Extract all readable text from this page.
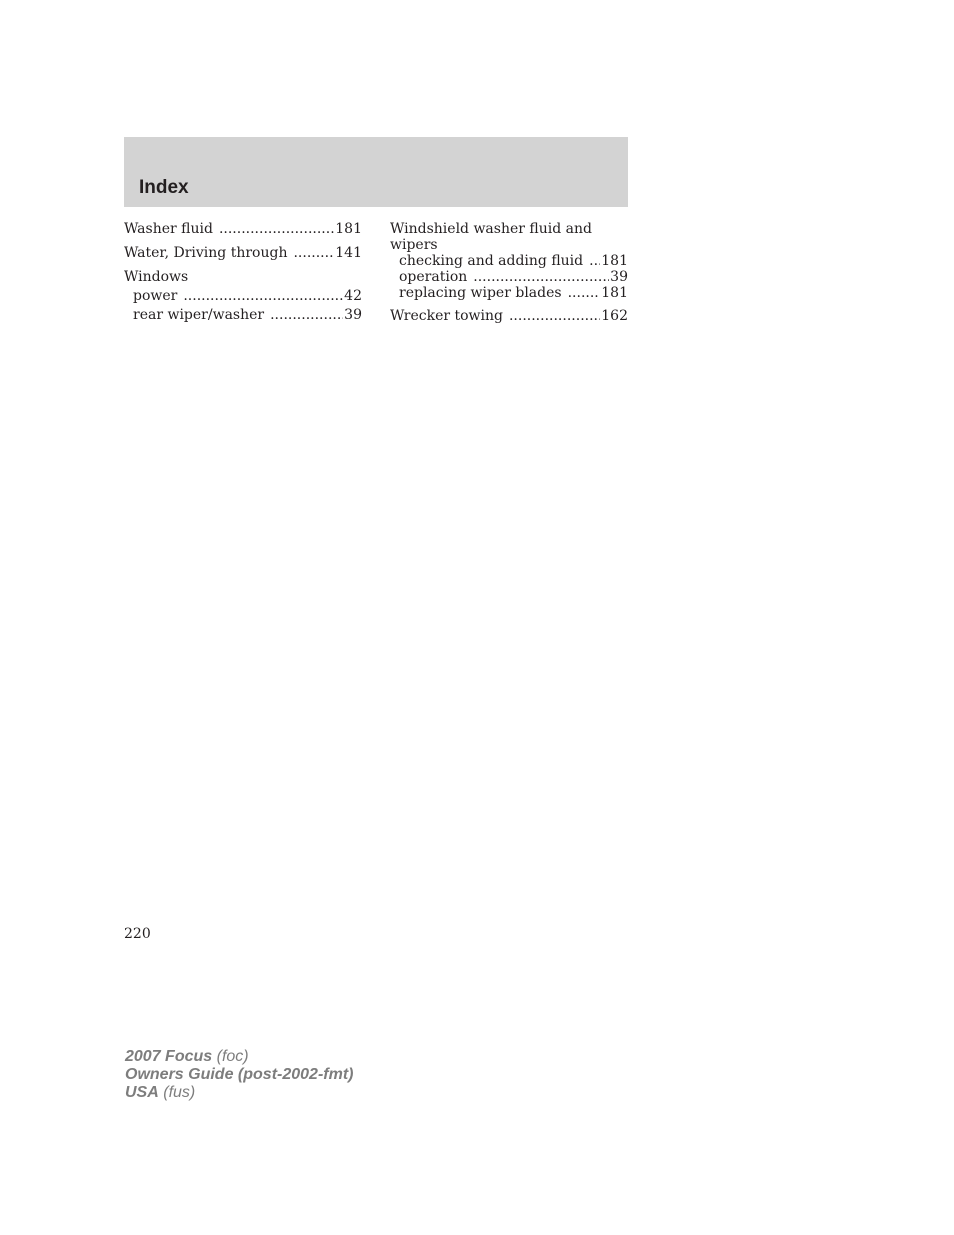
Index
Washer fluid .....	181
Water, Driving through .....	141
Windows
power .....	42
rear wiper/washer .....	39
Windshield washer fluid and
wipers
checking and adding fluid ..... 181
operation .....	39
replacing wiper blades .....	181
Wrecker towing .....	162
220
2007 Focus (foc)
Owners Guide (post-2002-fmt)
USA (fus)
